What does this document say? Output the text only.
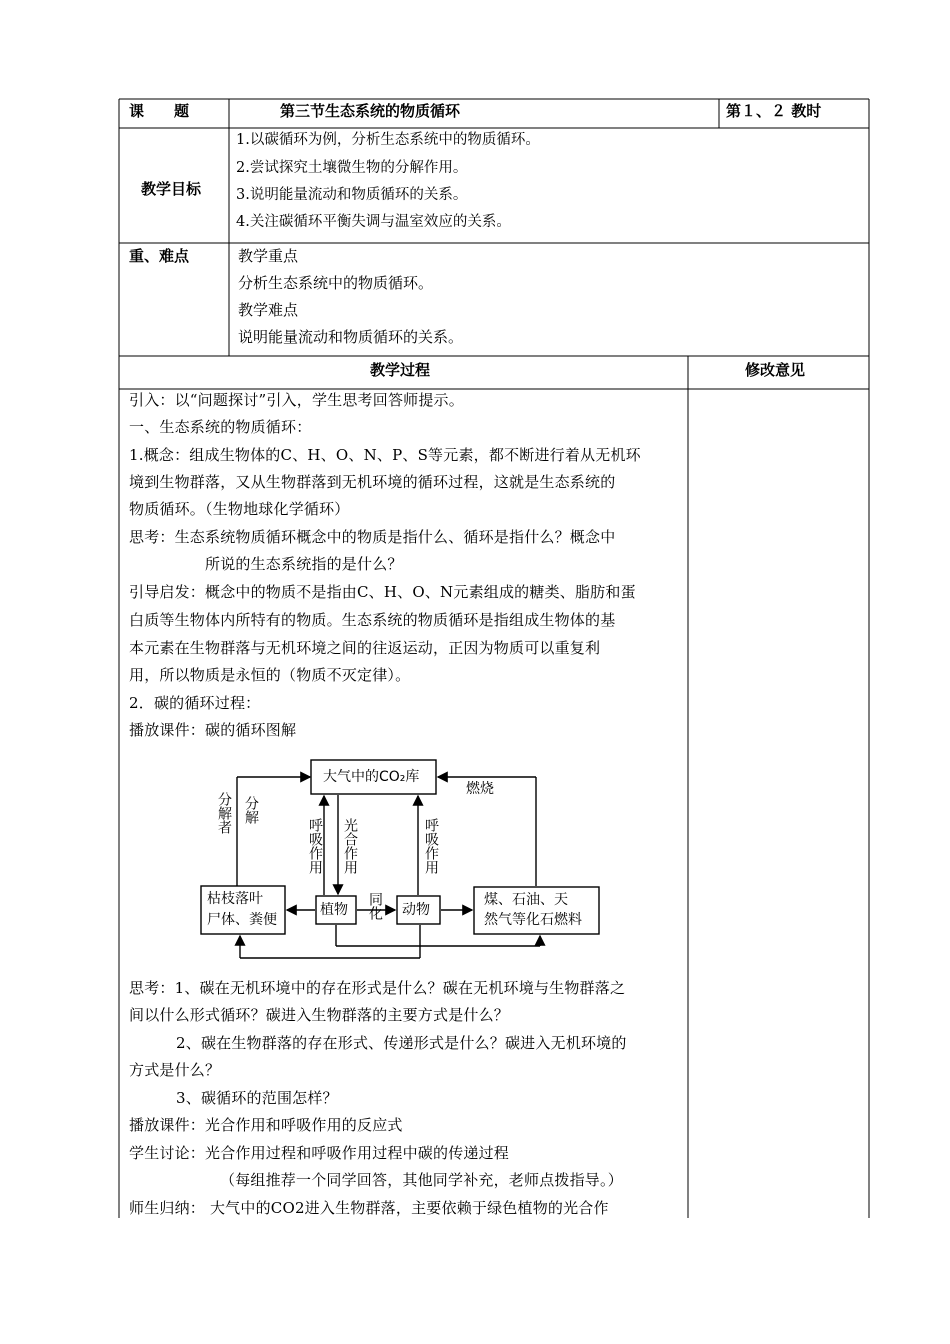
课　　题	第三节生态系统的物质循环	第１、２ 教时
教学目标
1.以碳循环为例，分析生态系统中的物质循环。
2.尝试探究土壤微生物的分解作用。
3.说明能量流动和物质循环的关系。
4.关注碳循环平衡失调与温室效应的关系。
重、难点	教学重点
分析生态系统中的物质循环。
教学难点
说明能量流动和物质循环的关系。
教学过程	修改意见
引入：以“问题探讨”引入，学生思考回答师提示。
一、生态系统的物质循环：
1.概念：组成生物体的C、H、O、N、P、S等元素，都不断进行着从无机环
境到生物群落，又从生物群落到无机环境的循环过程，这就是生态系统的
物质循环。（生物地球化学循环）
思考：生态系统物质循环概念中的物质是指什么、循环是指什么？概念中
所说的生态系统指的是什么？
引导启发：概念中的物质不是指由C、H、O、N元素组成的糖类、脂肪和蛋
白质等生物体内所特有的物质。生态系统的物质循环是指组成生物体的基
本元素在生物群落与无机环境之间的往返运动，正因为物质可以重复利
用，所以物质是永恒的（物质不灭定律）。
2．碳的循环过程：
播放课件：碳的循环图解
大气中的CO₂库
枯枝落叶
尸体、粪便
植物	动物
煤、石油、天
然气等化石燃料
分解者 分解
呼吸作用 光合作用	呼吸作用
同化
燃烧
思考：1、碳在无机环境中的存在形式是什么？碳在无机环境与生物群落之
间以什么形式循环？碳进入生物群落的主要方式是什么？
2、碳在生物群落的存在形式、传递形式是什么？碳进入无机环境的
方式是什么？
3、碳循环的范围怎样？
播放课件：光合作用和呼吸作用的反应式
学生讨论：光合作用过程和呼吸作用过程中碳的传递过程
（每组推荐一个同学回答，其他同学补充，老师点拨指导。）
师生归纳： 大气中的CO2进入生物群落，主要依赖于绿色植物的光合作
